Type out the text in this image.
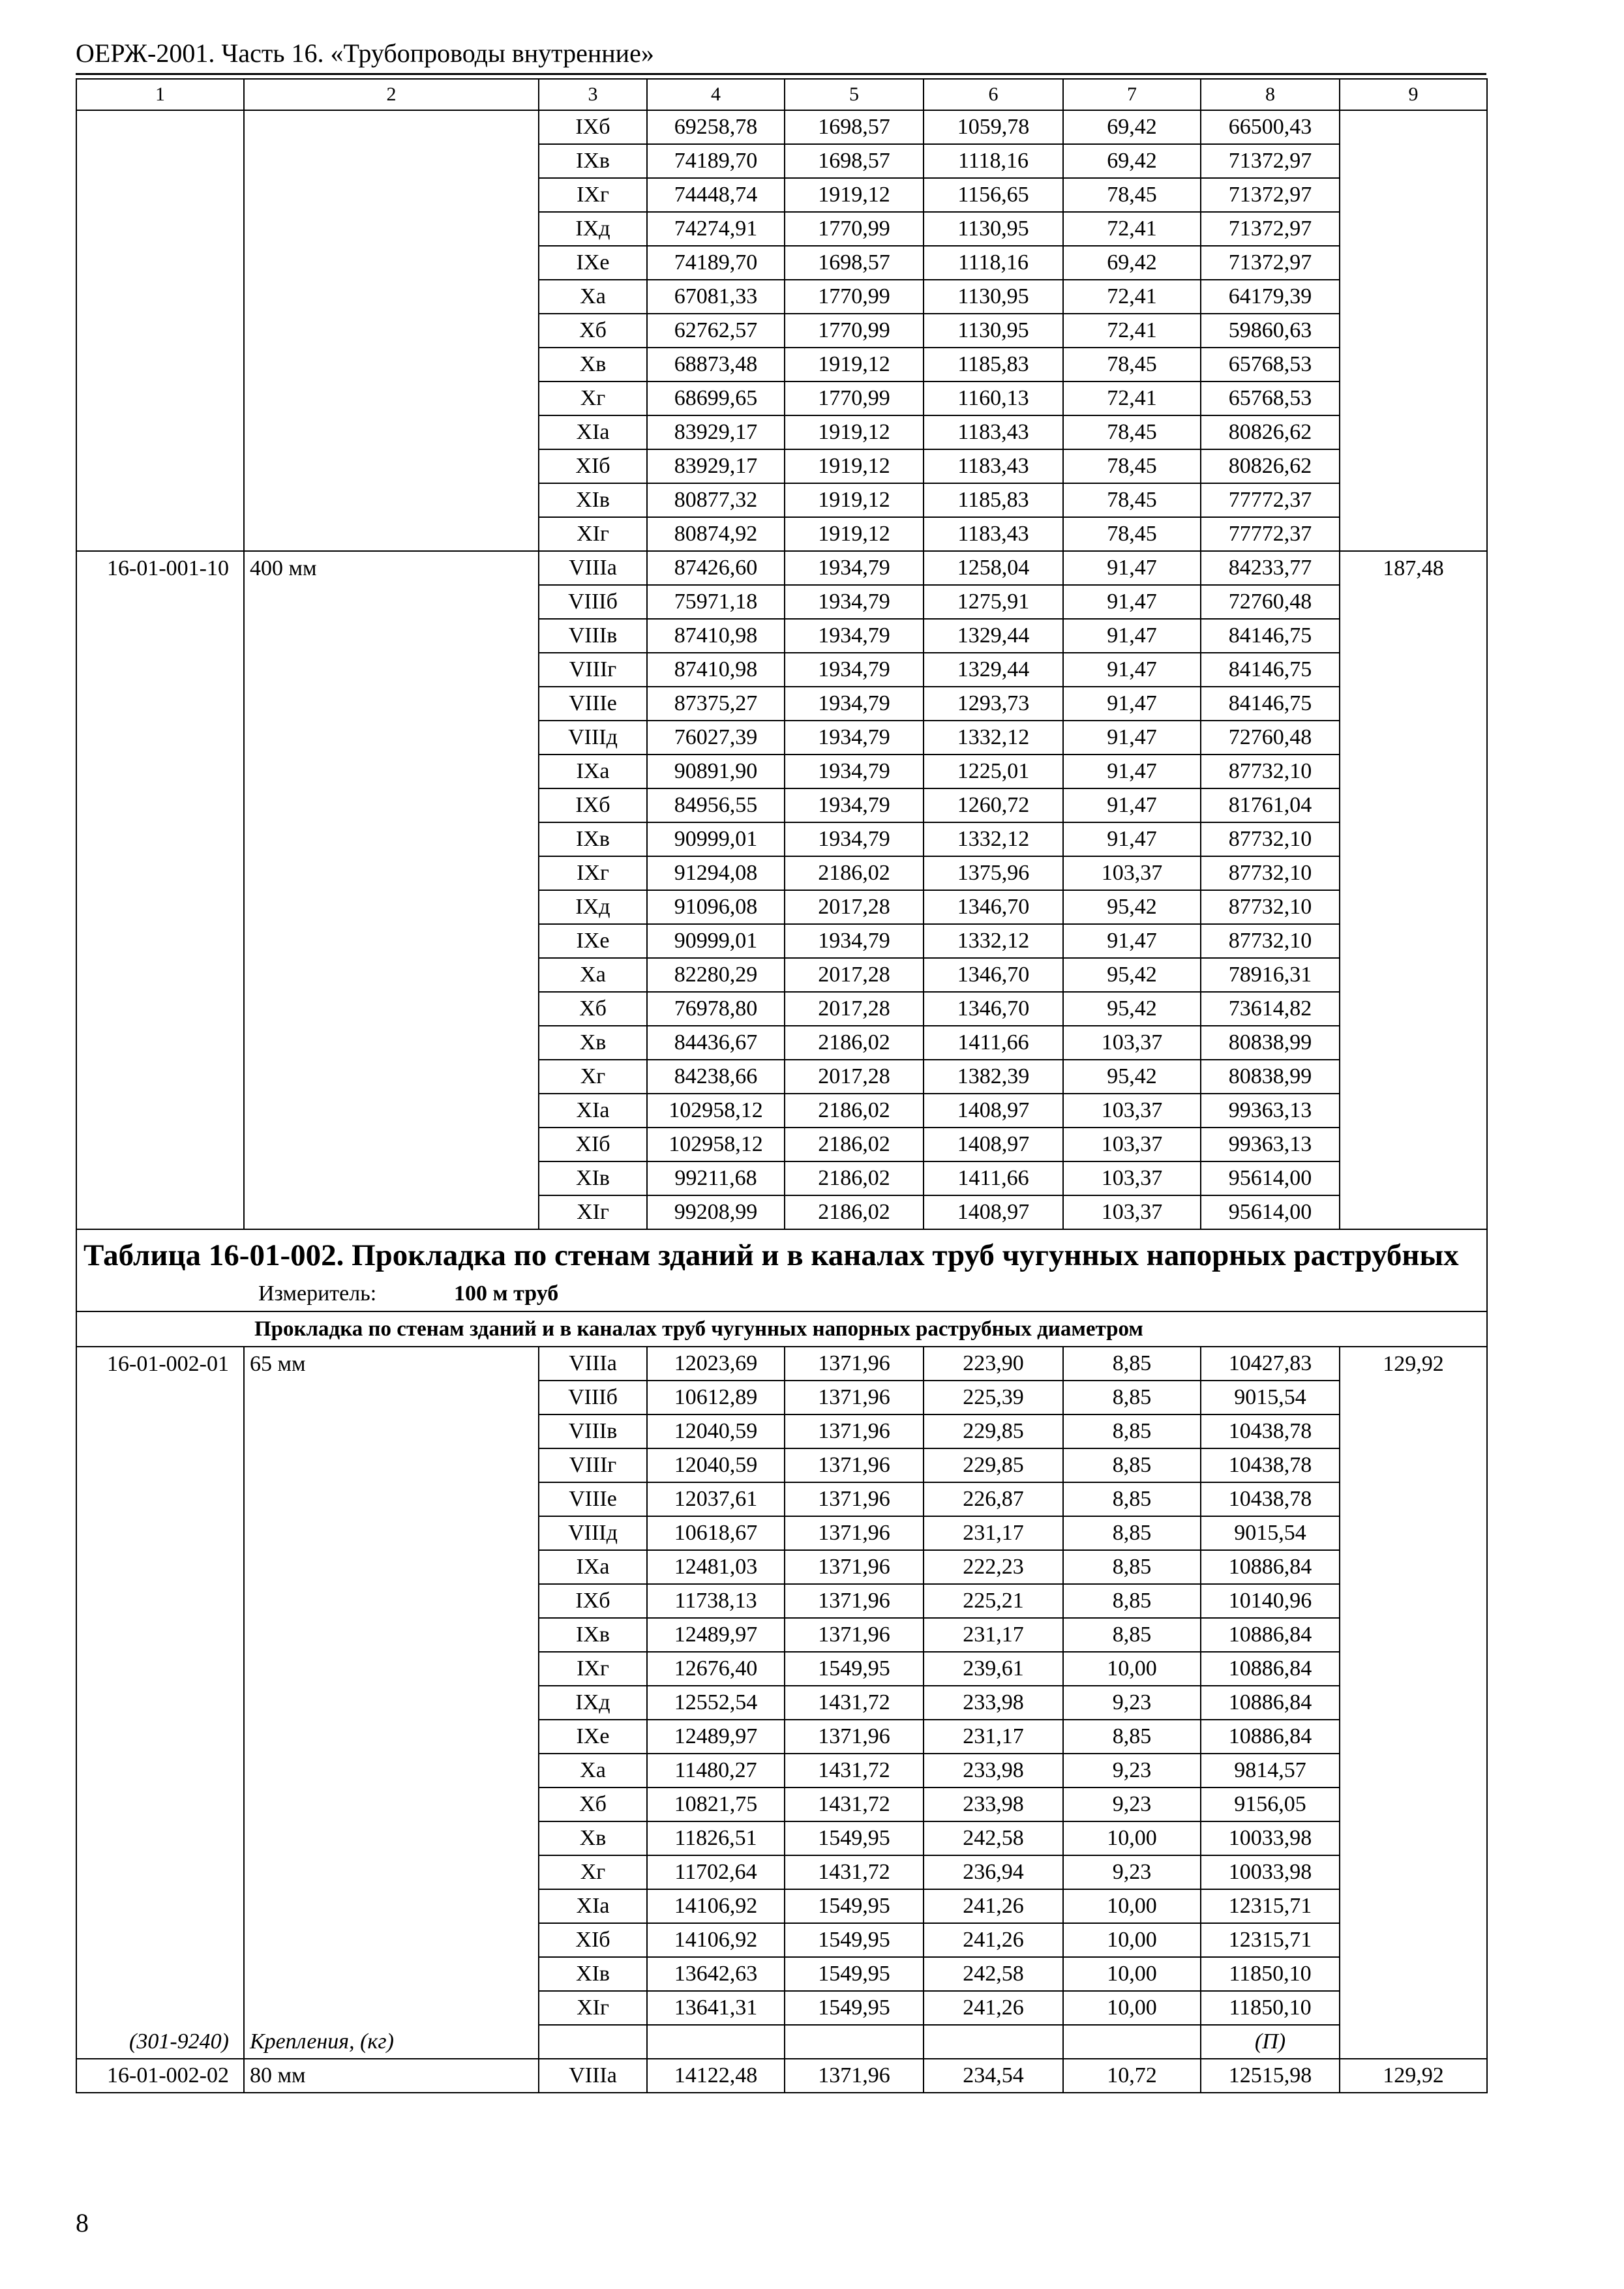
ОЕРЖ-2001. Часть 16. «Трубопроводы внутренние»
1	2	3	4	5	6	7	8	9
		IXб	69258,78	1698,57	1059,78	69,42	66500,43	
		IXв	74189,70	1698,57	1118,16	69,42	71372,97	
		IXг	74448,74	1919,12	1156,65	78,45	71372,97	
		IXд	74274,91	1770,99	1130,95	72,41	71372,97	
		IXе	74189,70	1698,57	1118,16	69,42	71372,97	
		Xа	67081,33	1770,99	1130,95	72,41	64179,39	
		Xб	62762,57	1770,99	1130,95	72,41	59860,63	
		Xв	68873,48	1919,12	1185,83	78,45	65768,53	
		Xг	68699,65	1770,99	1160,13	72,41	65768,53	
		XIа	83929,17	1919,12	1183,43	78,45	80826,62	
		XIб	83929,17	1919,12	1183,43	78,45	80826,62	
		XIв	80877,32	1919,12	1185,83	78,45	77772,37	
		XIг	80874,92	1919,12	1183,43	78,45	77772,37	
16-01-001-10	400 мм	VIIIа	87426,60	1934,79	1258,04	91,47	84233,77	187,48
		VIIIб	75971,18	1934,79	1275,91	91,47	72760,48	
		VIIIв	87410,98	1934,79	1329,44	91,47	84146,75	
		VIIIг	87410,98	1934,79	1329,44	91,47	84146,75	
		VIIIе	87375,27	1934,79	1293,73	91,47	84146,75	
		VIIIд	76027,39	1934,79	1332,12	91,47	72760,48	
		IXа	90891,90	1934,79	1225,01	91,47	87732,10	
		IXб	84956,55	1934,79	1260,72	91,47	81761,04	
		IXв	90999,01	1934,79	1332,12	91,47	87732,10	
		IXг	91294,08	2186,02	1375,96	103,37	87732,10	
		IXд	91096,08	2017,28	1346,70	95,42	87732,10	
		IXе	90999,01	1934,79	1332,12	91,47	87732,10	
		Xа	82280,29	2017,28	1346,70	95,42	78916,31	
		Xб	76978,80	2017,28	1346,70	95,42	73614,82	
		Xв	84436,67	2186,02	1411,66	103,37	80838,99	
		Xг	84238,66	2017,28	1382,39	95,42	80838,99	
		XIа	102958,12	2186,02	1408,97	103,37	99363,13	
		XIб	102958,12	2186,02	1408,97	103,37	99363,13	
		XIв	99211,68	2186,02	1411,66	103,37	95614,00	
		XIг	99208,99	2186,02	1408,97	103,37	95614,00	
Таблица 16-01-002. Прокладка по стенам зданий и в каналах труб чугунных напорных раструбных								
Измеритель: 100 м труб								
Прокладка по стенам зданий и в каналах труб чугунных напорных раструбных диаметром								
16-01-002-01	65 мм	VIIIа	12023,69	1371,96	223,90	8,85	10427,83	129,92
		VIIIб	10612,89	1371,96	225,39	8,85	9015,54	
		VIIIв	12040,59	1371,96	229,85	8,85	10438,78	
		VIIIг	12040,59	1371,96	229,85	8,85	10438,78	
		VIIIе	12037,61	1371,96	226,87	8,85	10438,78	
		VIIIд	10618,67	1371,96	231,17	8,85	9015,54	
		IXа	12481,03	1371,96	222,23	8,85	10886,84	
		IXб	11738,13	1371,96	225,21	8,85	10140,96	
		IXв	12489,97	1371,96	231,17	8,85	10886,84	
		IXг	12676,40	1549,95	239,61	10,00	10886,84	
		IXд	12552,54	1431,72	233,98	9,23	10886,84	
		IXе	12489,97	1371,96	231,17	8,85	10886,84	
		Xа	11480,27	1431,72	233,98	9,23	9814,57	
		Xб	10821,75	1431,72	233,98	9,23	9156,05	
		Xв	11826,51	1549,95	242,58	10,00	10033,98	
		Xг	11702,64	1431,72	236,94	9,23	10033,98	
		XIа	14106,92	1549,95	241,26	10,00	12315,71	
		XIб	14106,92	1549,95	241,26	10,00	12315,71	
		XIв	13642,63	1549,95	242,58	10,00	11850,10	
		XIг	13641,31	1549,95	241,26	10,00	11850,10	
(301-9240)	Крепления, (кг)						(П)	
16-01-002-02	80 мм	VIIIа	14122,48	1371,96	234,54	10,72	12515,98	129,92
8
